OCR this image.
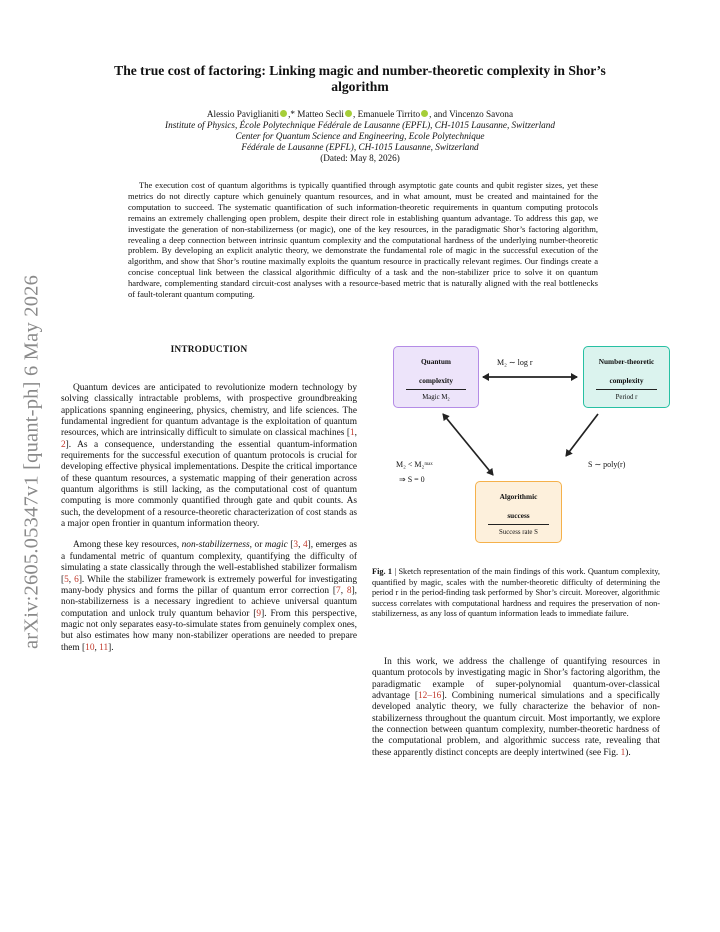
arXiv:2605.05347v1 [quant-ph] 6 May 2026
The true cost of factoring: Linking magic and number-theoretic complexity in Shor’s
algorithm
Alessio Paviglianiti ,* Matteo Secli , Emanuele Tirrito , and Vincenzo Savona
Institute of Physics, École Polytechnique Fédérale de Lausanne (EPFL), CH-1015 Lausanne, Switzerland
Center for Quantum Science and Engineering, Ecole Polytechnique
Fédérale de Lausanne (EPFL), CH-1015 Lausanne, Switzerland
(Dated: May 8, 2026)
The execution cost of quantum algorithms is typically quantified through asymptotic gate counts and qubit register sizes, yet these metrics do not directly capture which genuinely quantum resources, and in what amount, must be created and maintained for the computation to succeed. The systematic quantification of such information-theoretic requirements in quantum computing protocols remains an extremely challenging open problem, despite their direct role in establishing quantum advantage. To address this gap, we investigate the generation of non-stabilizerness (or magic), one of the key resources, in the paradigmatic Shor’s factoring algorithm, revealing a deep connection between intrinsic quantum complexity and the computational hardness of the underlying number-theoretic problem. By developing an explicit analytic theory, we demonstrate the fundamental role of magic in the successful execution of the algorithm, and show that Shor’s routine maximally exploits the quantum resource in practically relevant regimes. Our findings create a concise conceptual link between the classical algorithmic difficulty of a task and the non-stabilizer price to solve it on quantum hardware, complementing standard circuit-cost analyses with a resource-based metric that is naturally aligned with the real bottlenecks of fault-tolerant quantum computing.
INTRODUCTION

Quantum devices are anticipated to revolutionize modern technology by solving classically intractable problems, with prospective groundbreaking applications spanning engineering, physics, chemistry, and life sciences. The fundamental ingredient for quantum advantage is the exploitation of quantum resources, which are intrinsically difficult to simulate on classical machines [1, 2]. As a consequence, understanding the essential quantum-information requirements for the successful execution of quantum protocols is crucial for developing effective physical implementations. Despite the critical importance of these quantum resources, a systematic mapping of their generation across quantum algorithms is still lacking, as the computational cost of quantum computing is more commonly quantified through gate and qubit counts. As such, the development of a resource-theoretic characterization of cost stands as a major open frontier in quantum information theory.

Among these key resources, non-stabilizerness, or magic [3, 4], emerges as a fundamental metric of quantum complexity, quantifying the difficulty of simulating a state classically through the well-established stabilizer formalism [5, 6]. While the stabilizer framework is extremely powerful for investigating many-body physics and forms the pillar of quantum error correction [7, 8], non-stabilizerness is a necessary ingredient to achieve universal quantum computation and unlock truly quantum behavior [9]. From this perspective, magic not only separates easy-to-simulate states from genuinely complex ones, but also estimates how many non-stabilizer operations are needed to prepare them [10, 11].

Quantum
complexity
Magic M₂
Number-theoretic
complexity
Period r
Algorithmic
success
Success rate S
M₂ ∼ log r
M₂ < M₂ᵐᵃˣ
⇒ S = 0
S ∼ poly(r)
Fig. 1 | Sketch representation of the main findings of this work. Quantum complexity, quantified by magic, scales with the number-theoretic difficulty of determining the period r in the period-finding task performed by Shor’s circuit. Moreover, algorithmic success correlates with computational hardness and requires the preservation of non-stabilizerness, as any loss of quantum information leads to immediate failure.

In this work, we address the challenge of quantifying resources in quantum protocols by investigating magic in Shor’s factoring algorithm, the paradigmatic example of super-polynomial quantum-over-classical advantage [12–16]. Combining numerical simulations and a specifically developed analytic theory, we fully characterize the behavior of non-stabilizerness throughout the quantum circuit. Most importantly, we explore the connection between quantum complexity, number-theoretic hardness of the computational problem, and algorithmic success rate, revealing that these apparently distinct concepts are deeply intertwined (see Fig. 1).
